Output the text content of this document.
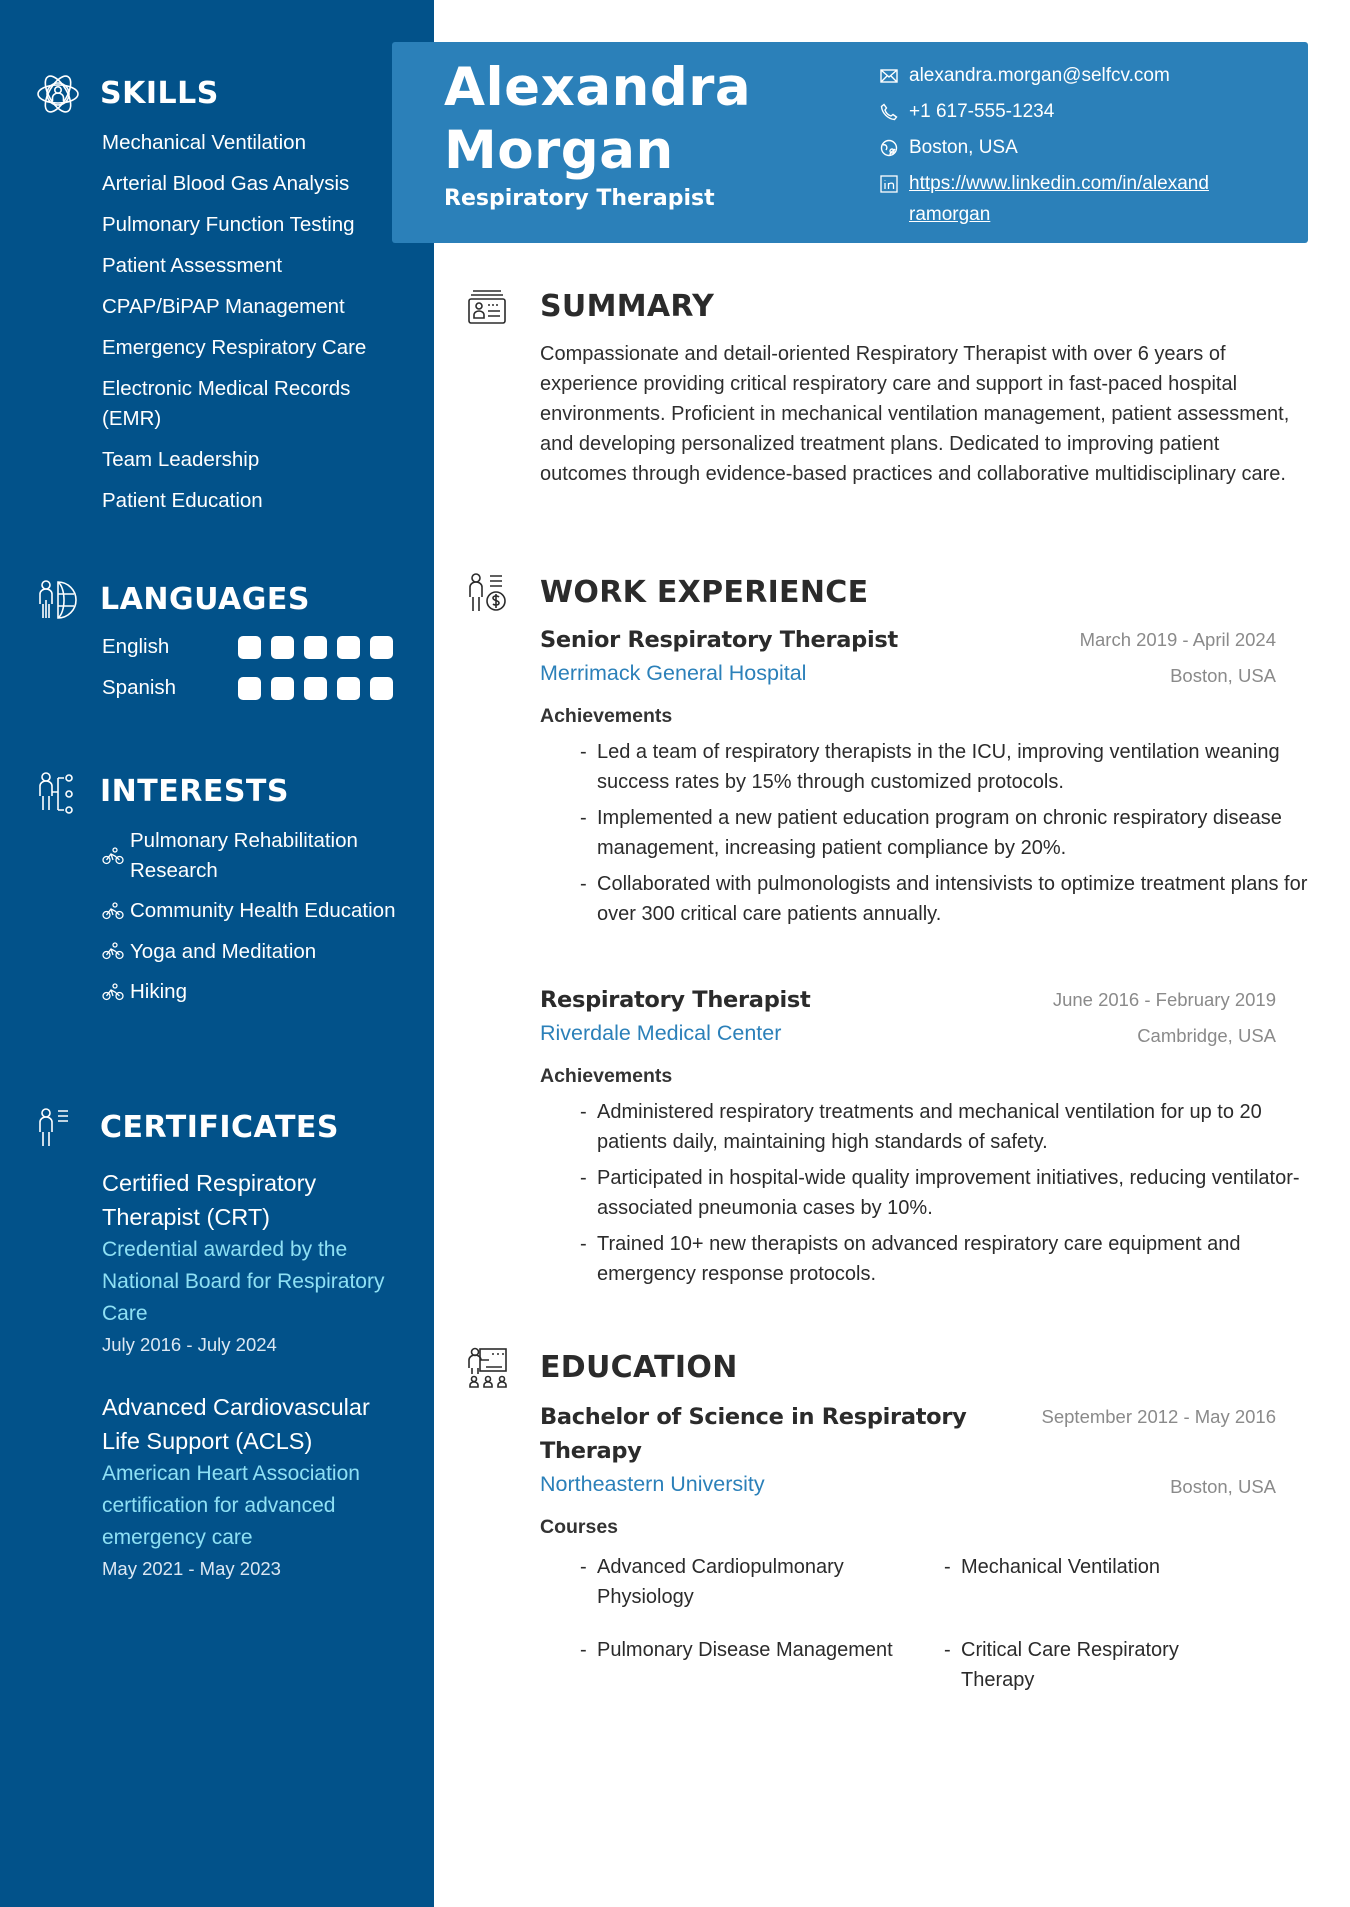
SKILLS
Mechanical Ventilation
Arterial Blood Gas Analysis
Pulmonary Function Testing
Patient Assessment
CPAP/BiPAP Management
Emergency Respiratory Care
Electronic Medical Records (EMR)
Team Leadership
Patient Education
LANGUAGES
English
Spanish
INTERESTS
Pulmonary Rehabilitation Research
Community Health Education
Yoga and Meditation
Hiking
CERTIFICATES
Certified Respiratory Therapist (CRT)
Credential awarded by the National Board for Respiratory Care
July 2016 - July 2024
Advanced Cardiovascular Life Support (ACLS)
American Heart Association certification for advanced emergency care
May 2021 - May 2023
Alexandra Morgan
Respiratory Therapist
alexandra.morgan@selfcv.com
+1 617-555-1234
Boston, USA
https://www.linkedin.com/in/alexandramorgan
SUMMARY

Compassionate and detail-oriented Respiratory Therapist with over 6 years of experience providing critical respiratory care and support in fast-paced hospital environments. Proficient in mechanical ventilation management, patient assessment, and developing personalized treatment plans. Dedicated to improving patient outcomes through evidence-based practices and collaborative multidisciplinary care.

WORK EXPERIENCE
Senior Respiratory Therapist
Merrimack General Hospital
March 2019 - April 2024
Boston, USA
Achievements
- Led a team of respiratory therapists in the ICU, improving ventilation weaning success rates by 15% through customized protocols.
- Implemented a new patient education program on chronic respiratory disease management, increasing patient compliance by 20%.
- Collaborated with pulmonologists and intensivists to optimize treatment plans for over 300 critical care patients annually.
Respiratory Therapist
Riverdale Medical Center
June 2016 - February 2019
Cambridge, USA
Achievements
- Administered respiratory treatments and mechanical ventilation for up to 20 patients daily, maintaining high standards of safety.
- Participated in hospital-wide quality improvement initiatives, reducing ventilator-associated pneumonia cases by 10%.
- Trained 10+ new therapists on advanced respiratory care equipment and emergency response protocols.
EDUCATION
Bachelor of Science in Respiratory Therapy
Northeastern University
September 2012 - May 2016
Boston, USA
Courses
- Advanced Cardiopulmonary Physiology
- Mechanical Ventilation
- Pulmonary Disease Management	- Critical Care Respiratory Therapy
